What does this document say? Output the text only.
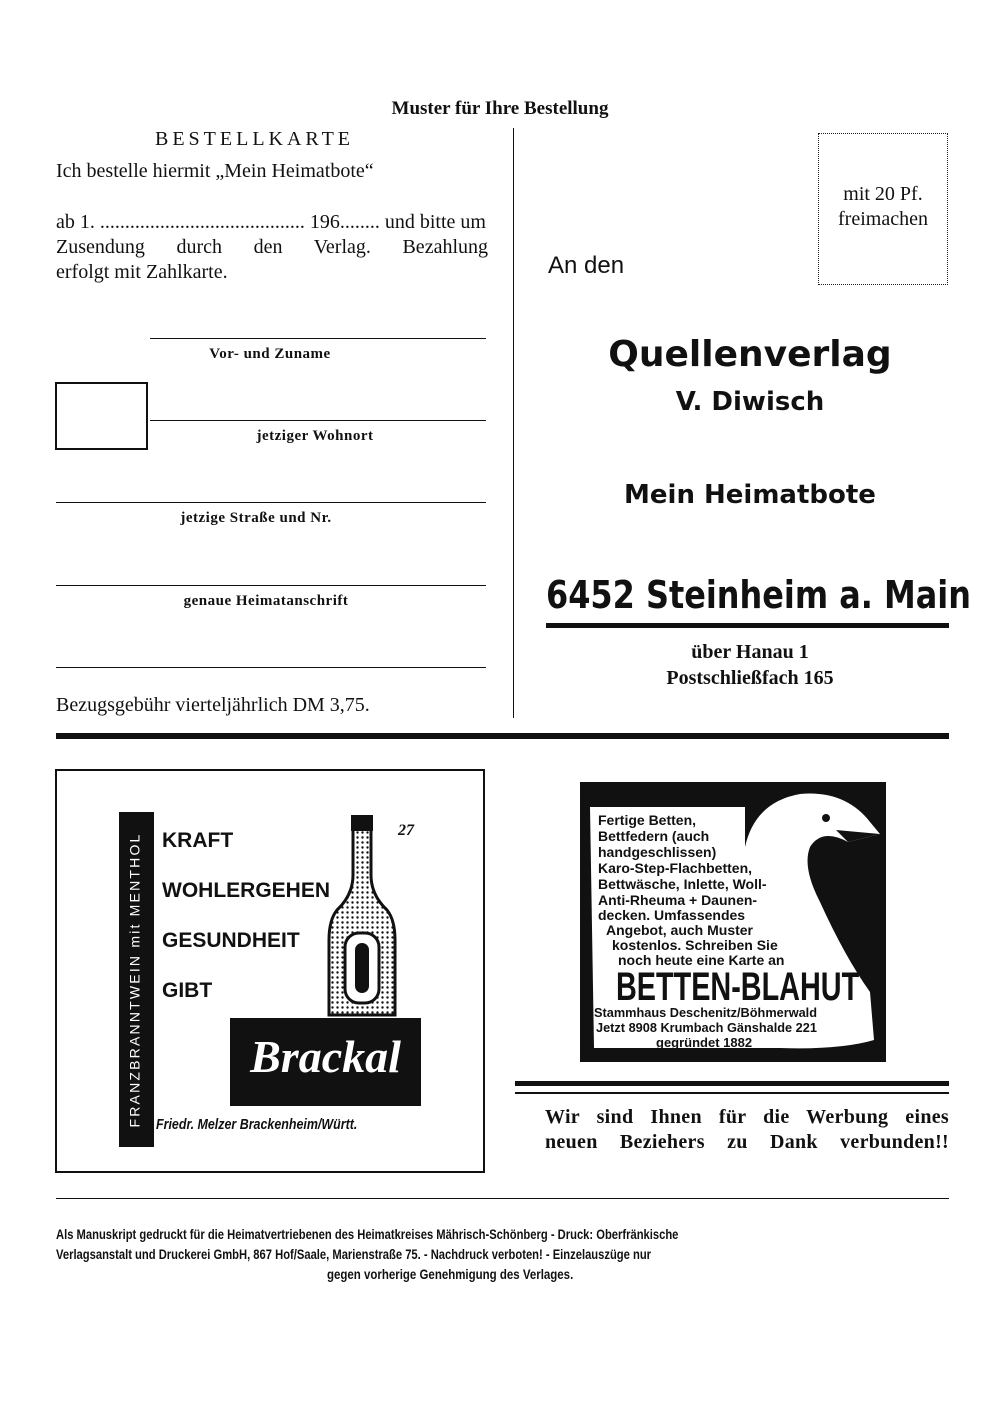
Muster für Ihre Bestellung
BESTELLKARTE
Ich bestelle hiermit „Mein Heimatbote“
ab 1. ......................................... 196........ und bitte um
Zusendung durch den Verlag. Bezahlung
erfolgt mit Zahlkarte.
Vor- und Zuname
jetziger Wohnort
jetzige Straße und Nr.
genaue Heimatanschrift
Bezugsgebühr vierteljährlich DM 3,75.
mit 20 Pf.
freimachen
An den
Quellenverlag
V. Diwisch
Mein Heimatbote
6452 Steinheim a. Main
über Hanau 1
Postschließfach 165
FRANZBRANNTWEIN mit MENTHOL KRAFT
WOHLERGEHEN
GESUNDHEIT
GIBT
27
Brackal
Friedr. Melzer Brackenheim/Württ.
Fertige Betten,
Bettfedern (auch
handgeschlissen)
Karo-Step-Flachbetten,
Bettwäsche, Inlette, Woll-
Anti-Rheuma + Daunen-
decken. Umfassendes
Angebot, auch Muster
kostenlos. Schreiben Sie
noch heute eine Karte an
BETTEN-BLAHUT
Stammhaus Deschenitz/Böhmerwald
Jetzt 8908 Krumbach Gänshalde 221
gegründet 1882
Wir sind Ihnen für die Werbung eines
neuen Beziehers zu Dank verbunden!!
Als Manuskript gedruckt für die Heimatvertriebenen des Heimatkreises Mährisch-Schönberg - Druck: Oberfränkische
Verlagsanstalt und Druckerei GmbH, 867 Hof/Saale, Marienstraße 75. - Nachdruck verboten! - Einzelauszüge nur
gegen vorherige Genehmigung des Verlages.
